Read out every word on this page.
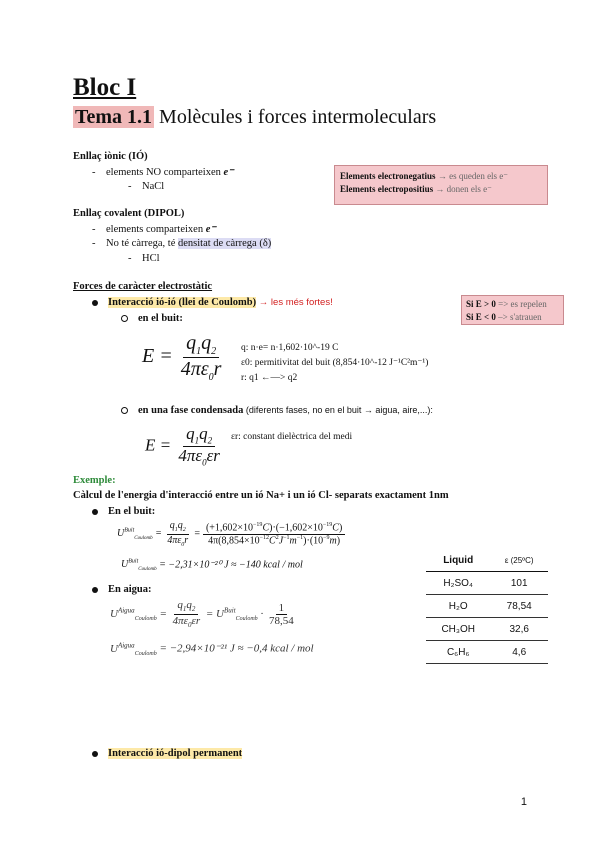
Bloc I
Tema 1.1 Molècules i forces intermoleculars
Enllaç iònic (IÓ)
- elements NO comparteixen e⁻
- NaCl
Elements electronegatius → es queden els e⁻
Elements electropositius → donen els e⁻
Enllaç covalent (DIPOL)
- elements comparteixen e⁻
- No té càrrega, té densitat de càrrega (δ)
- HCl
Forces de caràcter electrostàtic
Interacció ió-ió (llei de Coulomb) → les més fortes!	Si E > 0 => es repelen
Si E < 0 –> s'atrauen
en el buit:
$E = \frac{q_1q_2}{4\pi\varepsilon_0r} q$: n·e= n·1,602·10^-19 C
ε0: permitivitat del buit (8,854·10^-12 J⁻¹C²m⁻¹)
r: q1 ←—> q2
en una fase condensada (diferents fases, no en el buit → aigua, aire,...):
$E = \frac{q_1q_2}{4\pi\varepsilon_0\varepsilon r} \varepsilon r$: constant dielèctrica del medi
Exemple:
Càlcul de l'energia d'interacció entre un ió Na+ i un ió Cl- separats exactament 1nm
En el buit:
$U^{Buit}_{Coulomb} = \frac{q_1q_2}{4\pi\varepsilon_0r} = \frac{(+1,602\times 10^{-19}C)\cdot(-1,602\times 10^{-19}C)}{4\pi(8,854\times 10^{-12}C^2J^{-1}m^{-1})\cdot(10^{-9}m)}$
$U^{Buit}_{Coulomb} = -2,31\times 10^{-20}$ J ≈ −140 kcal / mol
En aigua:
$U^{Aigua}_{Coulomb} = \frac{q_1q_2}{4\pi\varepsilon_0\varepsilon r} = U^{Buit}_{Coulomb} \cdot \frac{1}{78,54}$
$U^{Aigua}_{Coulomb} = -2,94\times 10^{-21}$ J ≈ −0,4 kcal / mol
Liquid	ε (25ºC)
H₂SO₄	101
H₂O	78,54
CH₃OH	32,6
C₆H₆	4,6
Interacció ió-dipol permanent
1
